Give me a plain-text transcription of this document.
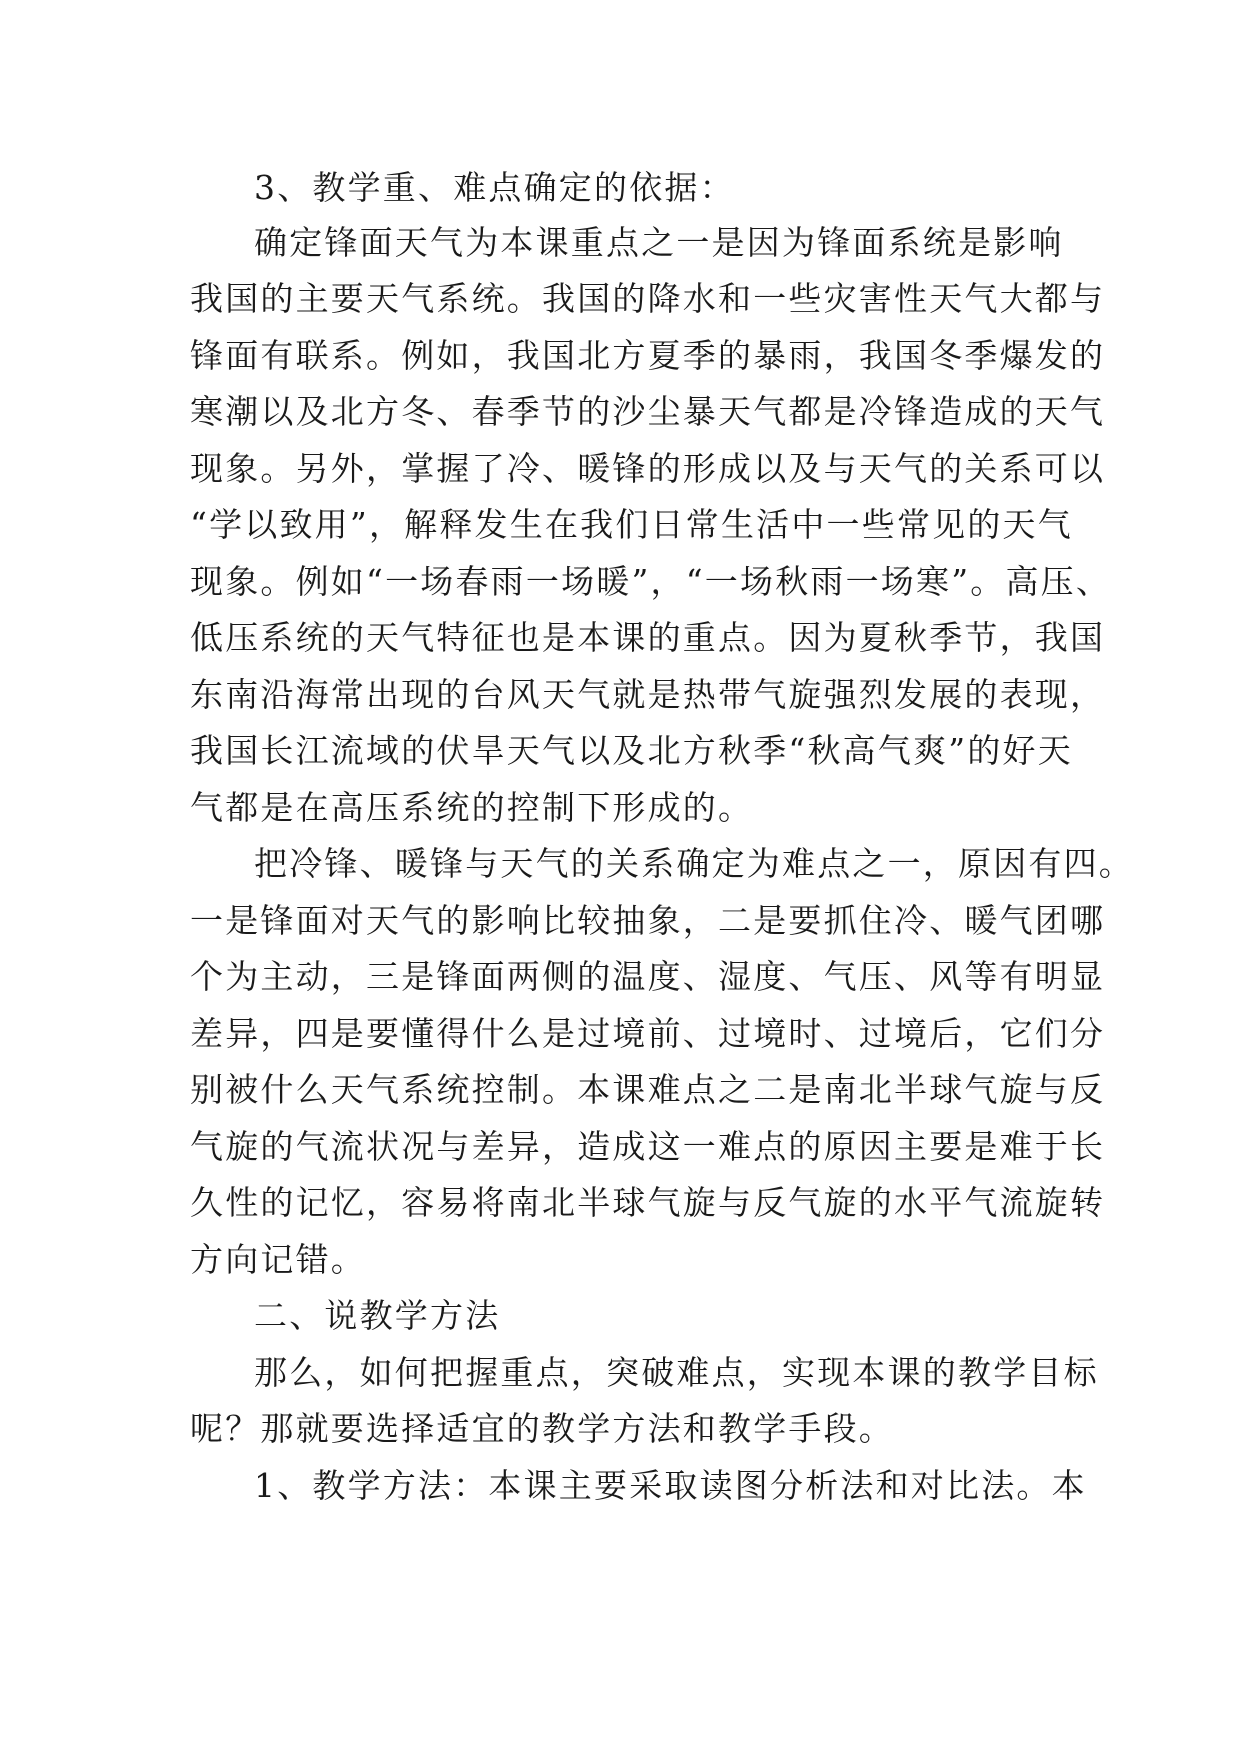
3、教学重、难点确定的依据：
确定锋面天气为本课重点之一是因为锋面系统是影响
我国的主要天气系统。我国的降水和一些灾害性天气大都与
锋面有联系。例如，我国北方夏季的暴雨，我国冬季爆发的
寒潮以及北方冬、春季节的沙尘暴天气都是冷锋造成的天气
现象。另外，掌握了冷、暖锋的形成以及与天气的关系可以
“学以致用”，解释发生在我们日常生活中一些常见的天气
现象。例如“一场春雨一场暖”，“一场秋雨一场寒”。高压、
低压系统的天气特征也是本课的重点。因为夏秋季节，我国
东南沿海常出现的台风天气就是热带气旋强烈发展的表现，
我国长江流域的伏旱天气以及北方秋季“秋高气爽”的好天
气都是在高压系统的控制下形成的。
把冷锋、暖锋与天气的关系确定为难点之一，原因有四。
一是锋面对天气的影响比较抽象，二是要抓住冷、暖气团哪
个为主动，三是锋面两侧的温度、湿度、气压、风等有明显
差异，四是要懂得什么是过境前、过境时、过境后，它们分
别被什么天气系统控制。本课难点之二是南北半球气旋与反
气旋的气流状况与差异，造成这一难点的原因主要是难于长
久性的记忆，容易将南北半球气旋与反气旋的水平气流旋转
方向记错。
二、说教学方法
那么，如何把握重点，突破难点，实现本课的教学目标
呢？那就要选择适宜的教学方法和教学手段。
1、教学方法：本课主要采取读图分析法和对比法。本
